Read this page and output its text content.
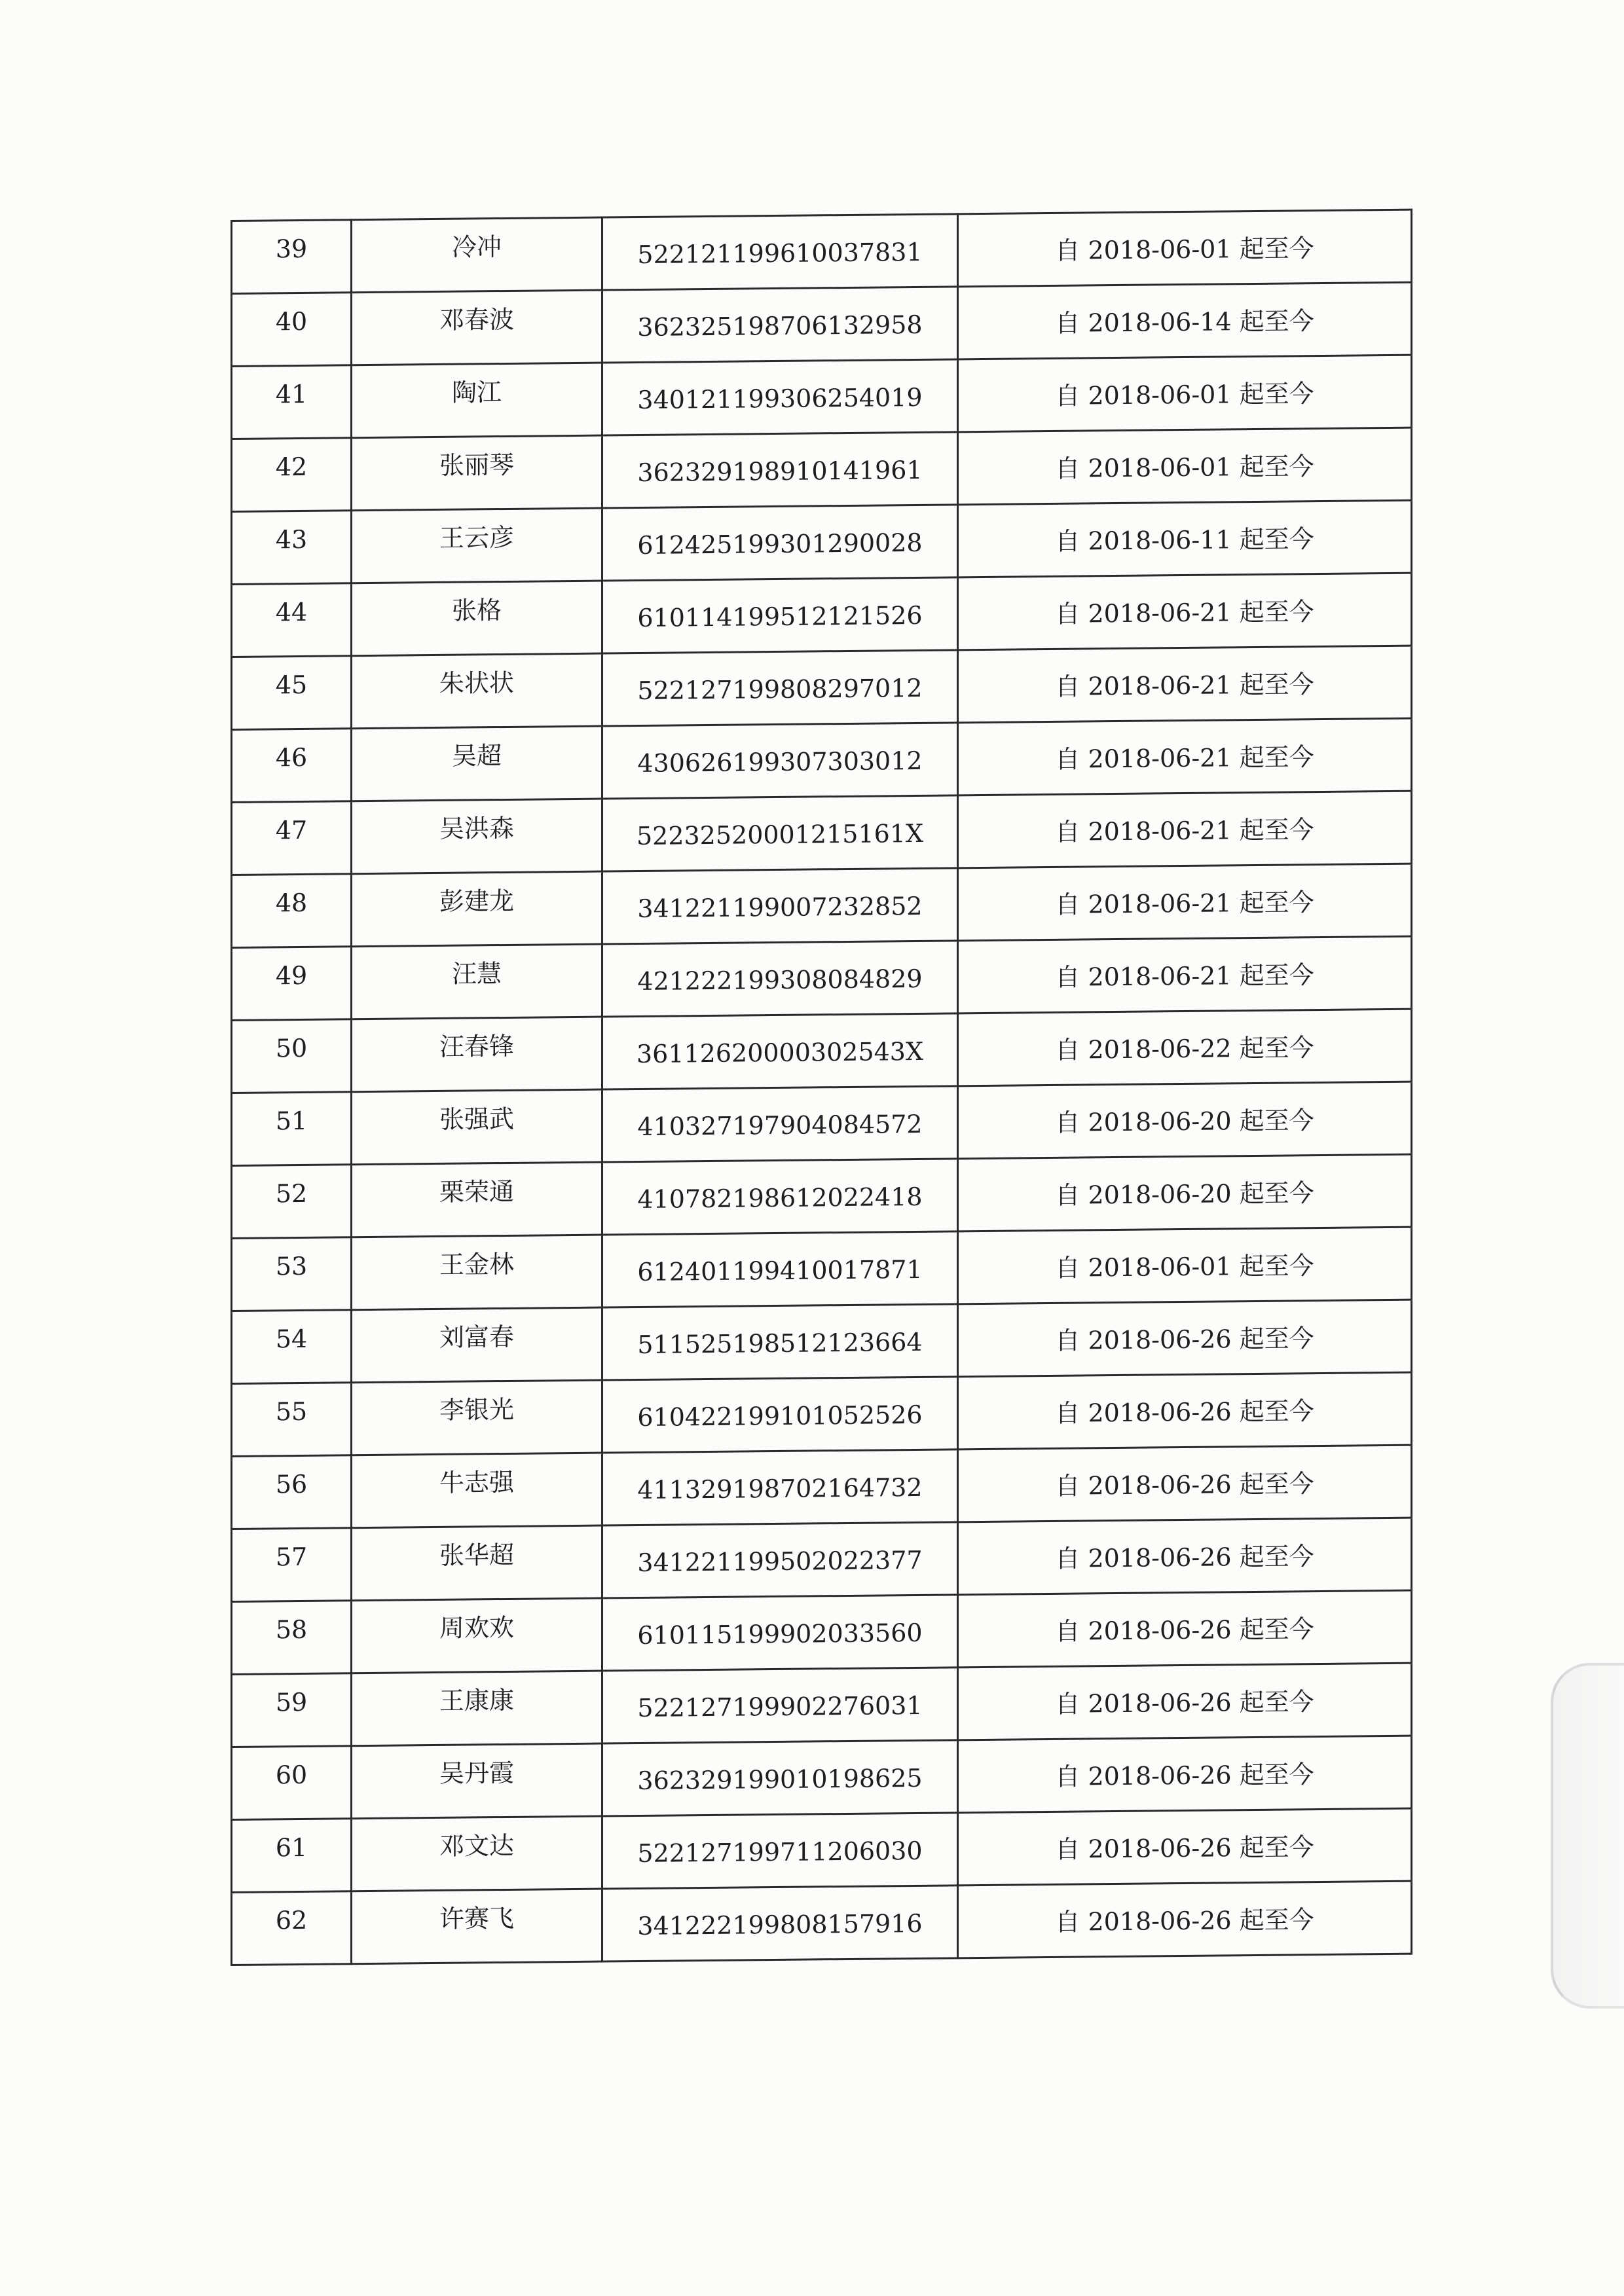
39	冷冲	522121199610037831	自 2018-06-01 起至今
40	邓春波	362325198706132958	自 2018-06-14 起至今
41	陶江	340121199306254019	自 2018-06-01 起至今
42	张丽琴	362329198910141961	自 2018-06-01 起至今
43	王云彦	612425199301290028	自 2018-06-11 起至今
44	张格	610114199512121526	自 2018-06-21 起至今
45	朱状状	522127199808297012	自 2018-06-21 起至今
46	吴超	430626199307303012	自 2018-06-21 起至今
47	吴洪森	52232520001215161X	自 2018-06-21 起至今
48	彭建龙	341221199007232852	自 2018-06-21 起至今
49	汪慧	421222199308084829	自 2018-06-21 起至今
50	汪春锋	36112620000302543X	自 2018-06-22 起至今
51	张强武	410327197904084572	自 2018-06-20 起至今
52	栗荣通	410782198612022418	自 2018-06-20 起至今
53	王金林	612401199410017871	自 2018-06-01 起至今
54	刘富春	511525198512123664	自 2018-06-26 起至今
55	李银光	610422199101052526	自 2018-06-26 起至今
56	牛志强	411329198702164732	自 2018-06-26 起至今
57	张华超	341221199502022377	自 2018-06-26 起至今
58	周欢欢	610115199902033560	自 2018-06-26 起至今
59	王康康	522127199902276031	自 2018-06-26 起至今
60	吴丹霞	362329199010198625	自 2018-06-26 起至今
61	邓文达	522127199711206030	自 2018-06-26 起至今
62	许赛飞	341222199808157916	自 2018-06-26 起至今
